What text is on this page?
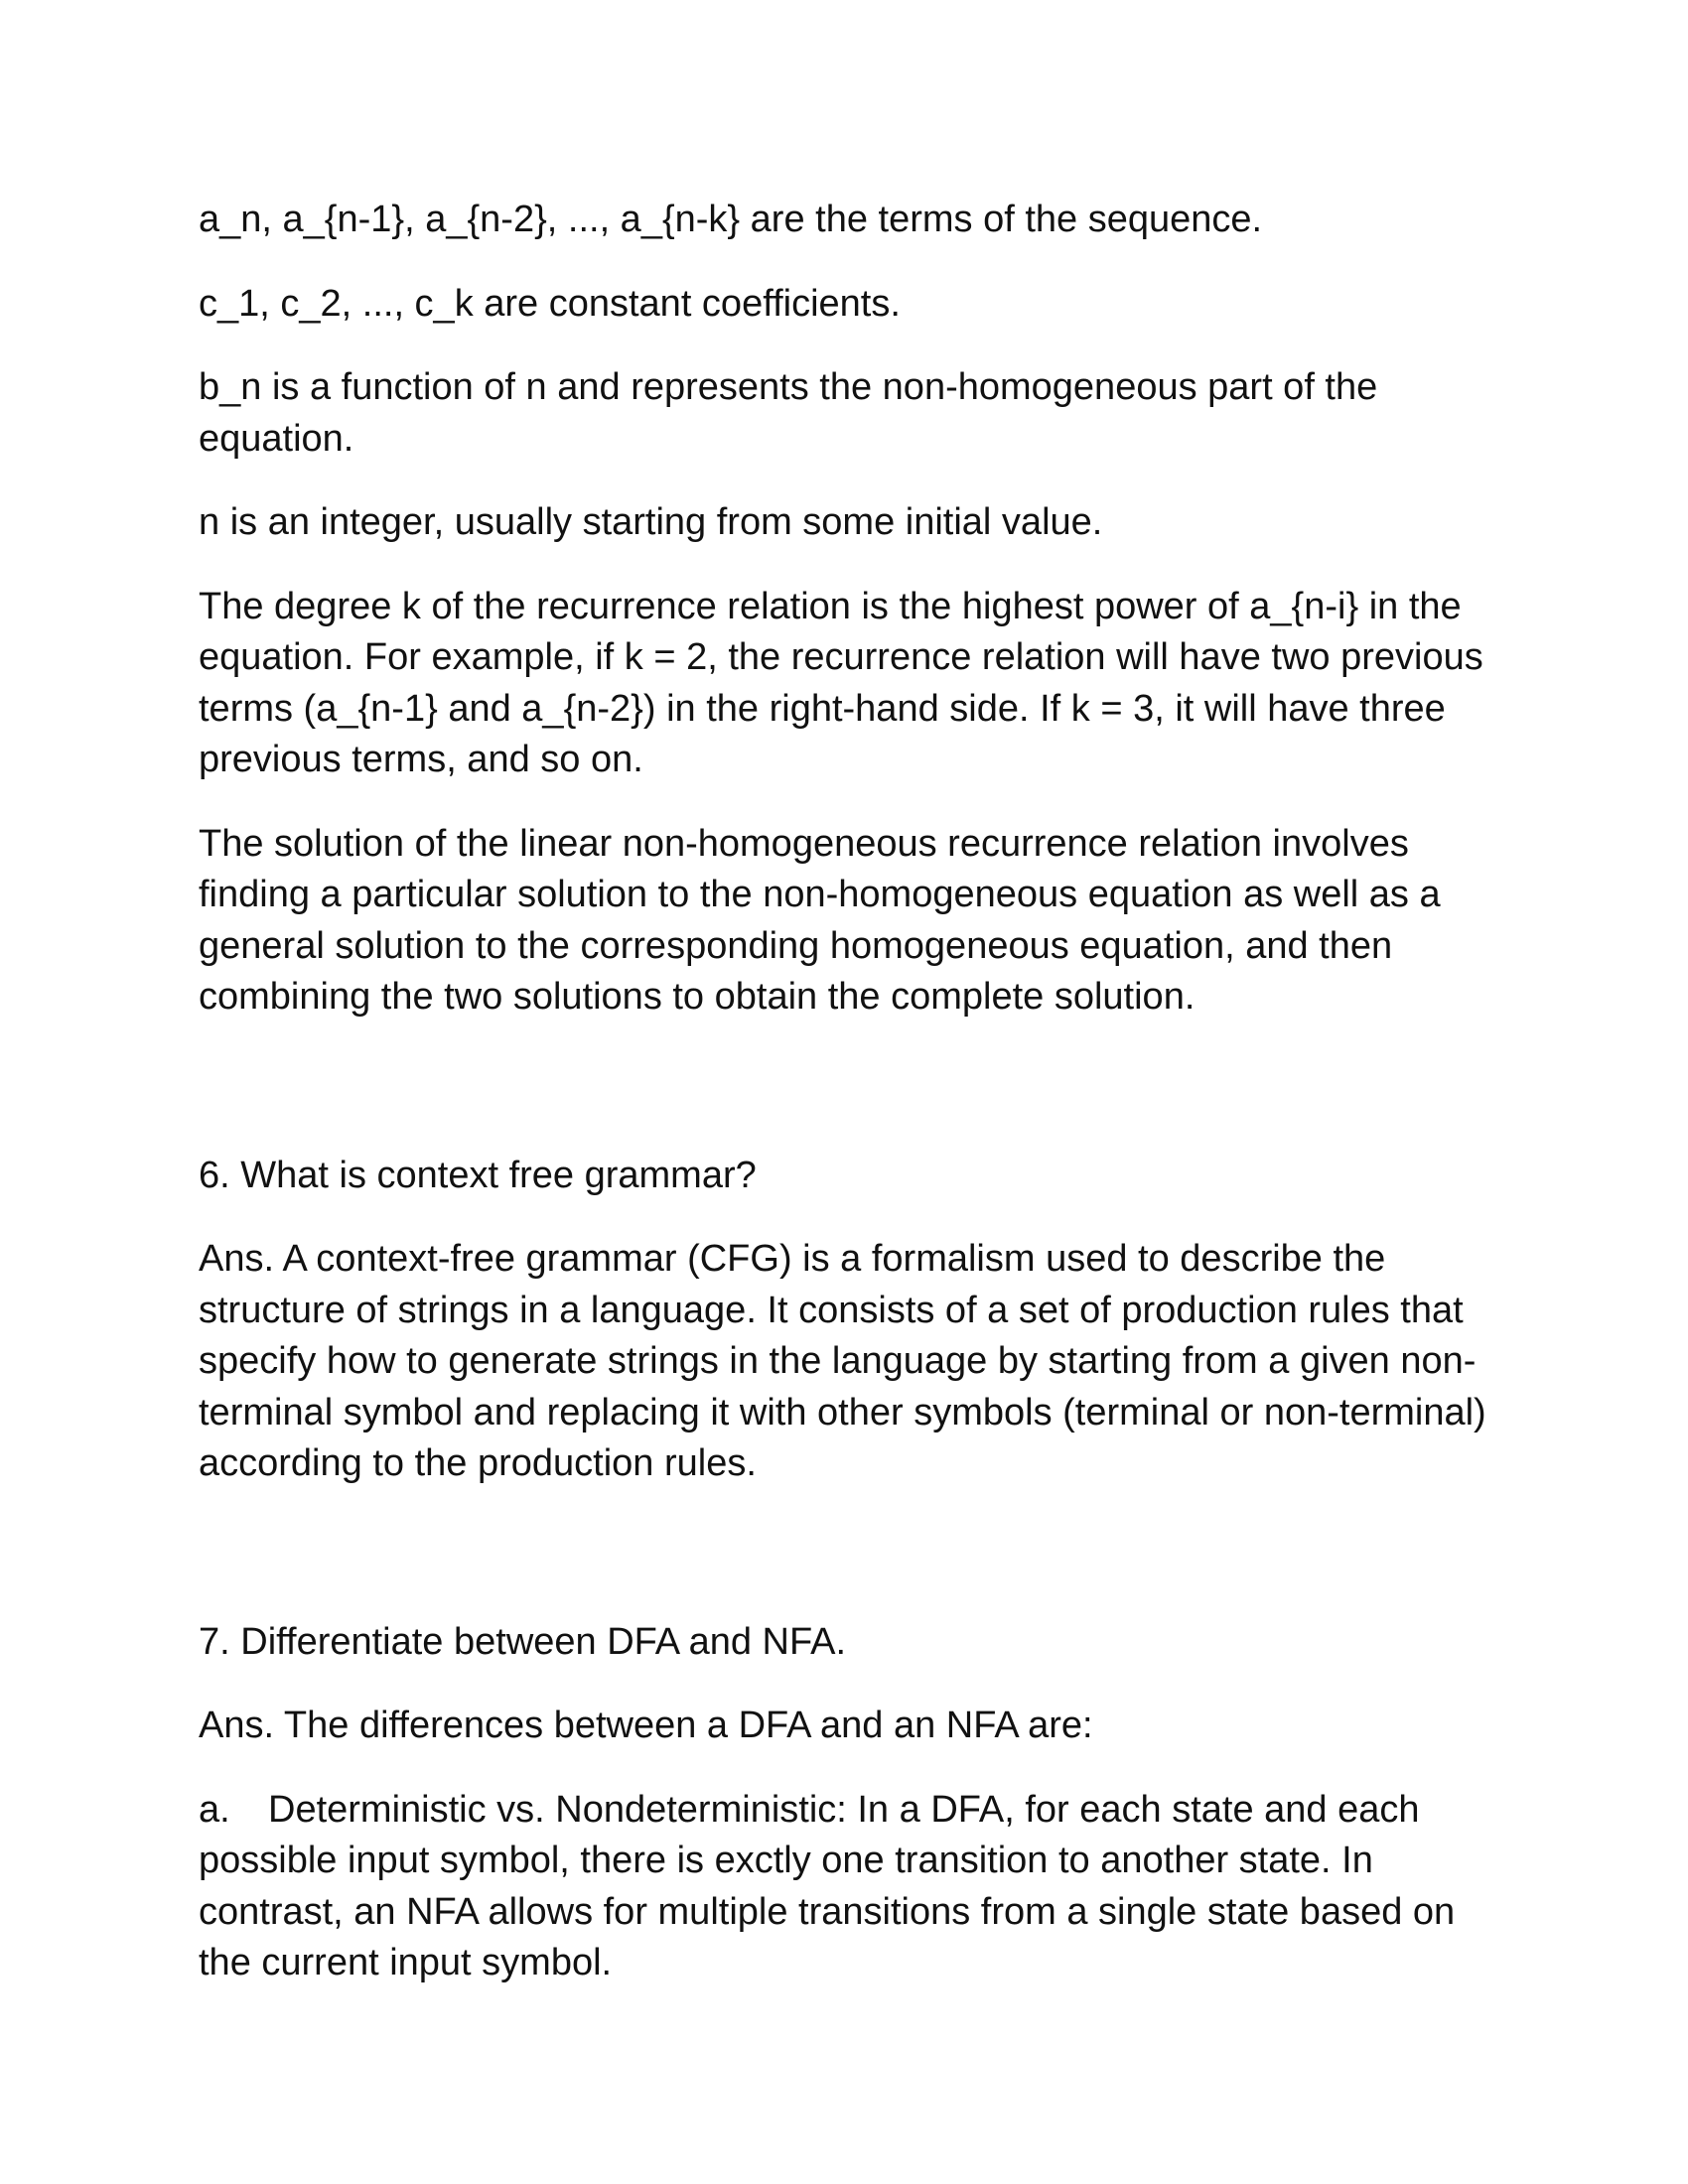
a_n, a_{n-1}, a_{n-2}, ..., a_{n-k} are the terms of the sequence.

c_1, c_2, ..., c_k are constant coefficients.

b_n is a function of n and represents the non-homogeneous part of the equation.

n is an integer, usually starting from some initial value.

The degree k of the recurrence relation is the highest power of a_{n-i} in the equation. For example, if k = 2, the recurrence relation will have two previous terms (a_{n-1} and a_{n-2}) in the right-hand side. If k = 3, it will have three previous terms, and so on.

The solution of the linear non-homogeneous recurrence relation involves finding a particular solution to the non-homogeneous equation as well as a general solution to the corresponding homogeneous equation, and then combining the two solutions to obtain the complete solution.

6. What is context free grammar?

Ans. A context-free grammar (CFG) is a formalism used to describe the structure of strings in a language. It consists of a set of production rules that specify how to generate strings in the language by starting from a given non-terminal symbol and replacing it with other symbols (terminal or non-terminal) according to the production rules.

7. Differentiate between DFA and NFA.

Ans. The differences between a DFA and an NFA are:

a. Deterministic vs. Nondeterministic: In a DFA, for each state and each possible input symbol, there is exctly one transition to another state. In contrast, an NFA allows for multiple transitions from a single state based on the current input symbol.
